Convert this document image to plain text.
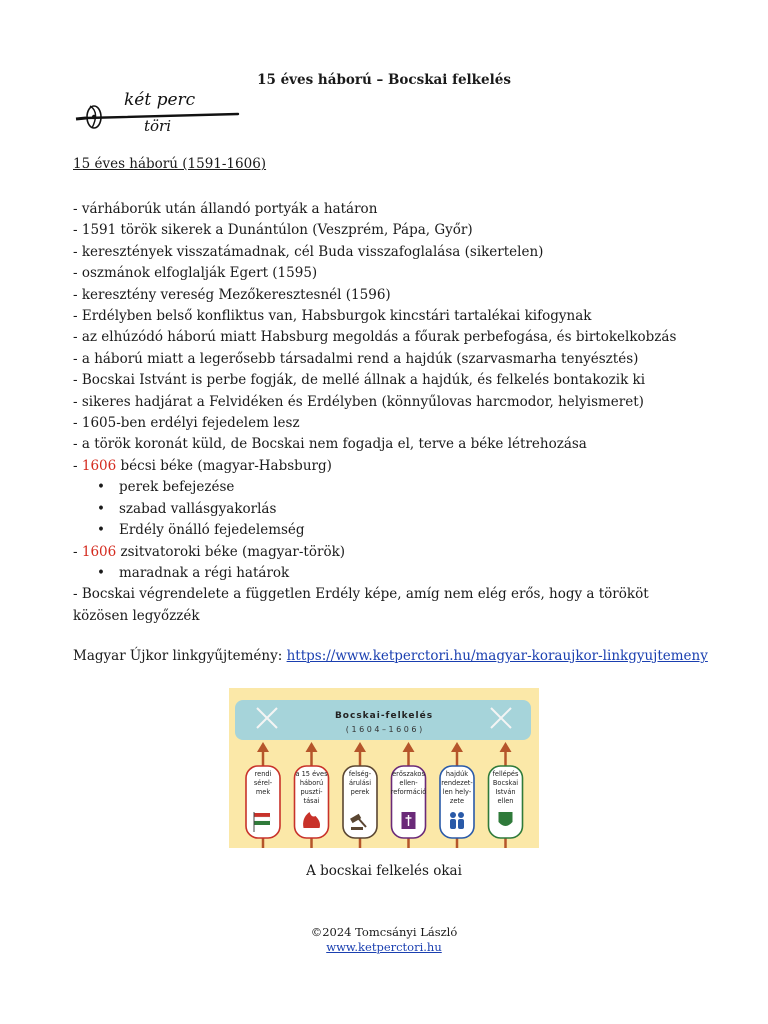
15 éves háború – Bocskai felkelés
két perc
töri
15 éves háború (1591-1606)
- várháborúk után állandó portyák a határon
- 1591 török sikerek a Dunántúlon (Veszprém, Pápa, Győr)
- keresztények visszatámadnak, cél Buda visszafoglalása (sikertelen)
- oszmánok elfoglalják Egert (1595)
- keresztény vereség Mezőkeresztesnél (1596)
- Erdélyben belső konfliktus van, Habsburgok kincstári tartalékai kifogynak
- az elhúzódó háború miatt Habsburg megoldás a főurak perbefogása, és birtokelkobzás
- a háború miatt a legerősebb társadalmi rend a hajdúk (szarvasmarha tenyésztés)
- Bocskai Istvánt is perbe fogják, de mellé állnak a hajdúk, és felkelés bontakozik ki
- sikeres hadjárat a Felvidéken és Erdélyben (könnyűlovas harcmodor, helyismeret)
- 1605-ben erdélyi fejedelem lesz
- a török koronát küld, de Bocskai nem fogadja el, terve a béke létrehozása
- 1606 bécsi béke (magyar-Habsburg)
• perek befejezése
• szabad vallásgyakorlás
• Erdély önálló fejedelemség
- 1606 zsitvatoroki béke (magyar-török)
• maradnak a régi határok
- Bocskai végrendelete a független Erdély képe, amíg nem elég erős, hogy a törököt közösen legyőzzék
Magyar Újkor linkgyűjtemény: https://www.ketperctori.hu/magyar-koraujkor-linkgyujtemeny
Bocskai-felkelés
( 1 6 0 4 – 1 6 0 6 )
rendi
sérel-
mek
a 15 éves
háború
pusztí-
tásai
felség-
árulási
perek
erőszakos
ellen-
reformáció
hajdúk
rendezet-
len hely-
zete
fellépés
Bocskai
István
ellen
A bocskai felkelés okai
©2024 Tomcsányi László
www.ketperctori.hu
